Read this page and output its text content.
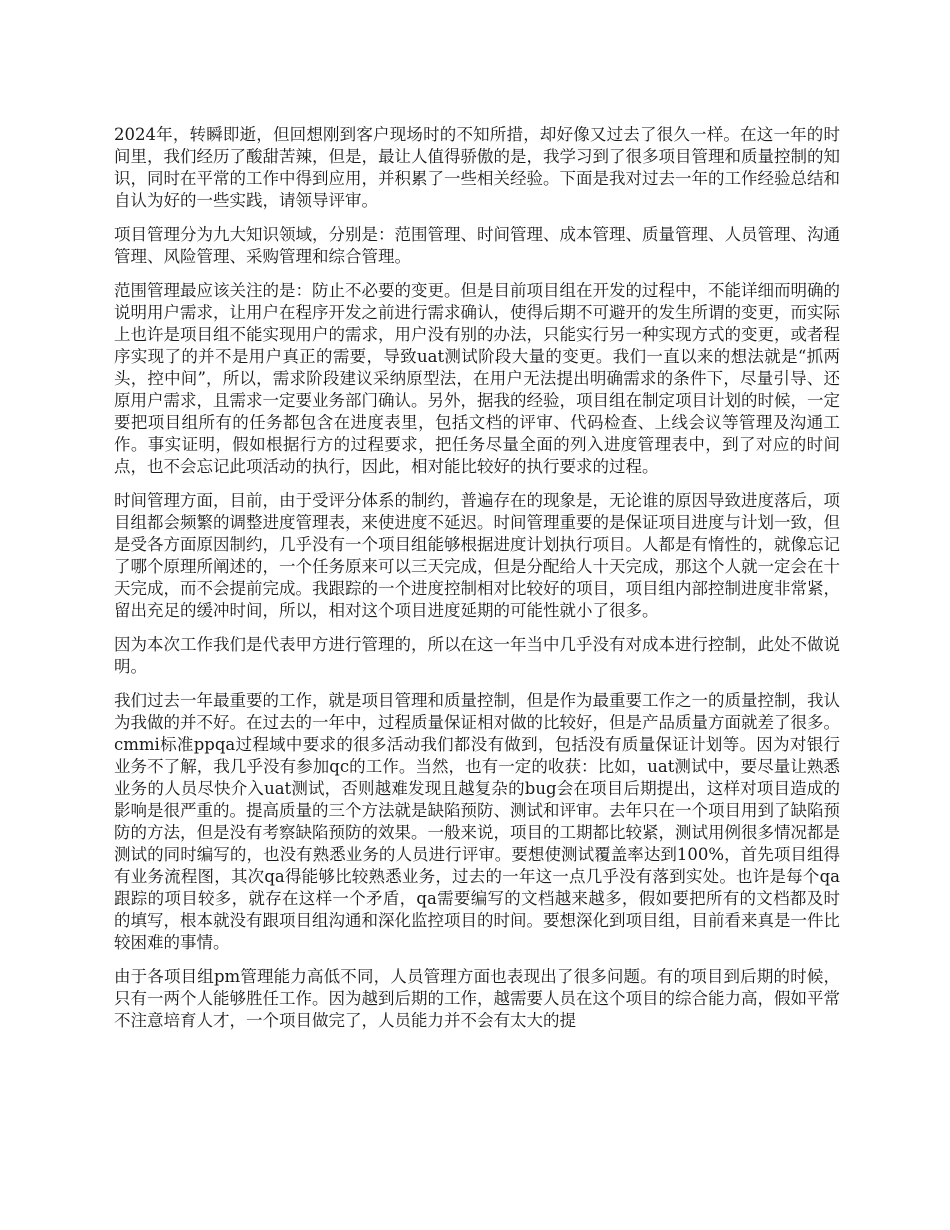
2024年，转瞬即逝，但回想刚到客户现场时的不知所措，却好像又过去了很久一样。在这一年的时间里，我们经历了酸甜苦辣，但是，最让人值得骄傲的是，我学习到了很多项目管理和质量控制的知识，同时在平常的工作中得到应用，并积累了一些相关经验。下面是我对过去一年的工作经验总结和自认为好的一些实践，请领导评审。

项目管理分为九大知识领域，分别是：范围管理、时间管理、成本管理、质量管理、人员管理、沟通管理、风险管理、采购管理和综合管理。

范围管理最应该关注的是：防止不必要的变更。但是目前项目组在开发的过程中，不能详细而明确的说明用户需求，让用户在程序开发之前进行需求确认，使得后期不可避开的发生所谓的变更，而实际上也许是项目组不能实现用户的需求，用户没有别的办法，只能实行另一种实现方式的变更，或者程序实现了的并不是用户真正的需要，导致uat测试阶段大量的变更。我们一直以来的想法就是“抓两头，控中间”，所以，需求阶段建议采纳原型法，在用户无法提出明确需求的条件下，尽量引导、还原用户需求，且需求一定要业务部门确认。另外，据我的经验，项目组在制定项目计划的时候，一定要把项目组所有的任务都包含在进度表里，包括文档的评审、代码检查、上线会议等管理及沟通工作。事实证明，假如根据行方的过程要求，把任务尽量全面的列入进度管理表中，到了对应的时间点，也不会忘记此项活动的执行，因此，相对能比较好的执行要求的过程。

时间管理方面，目前，由于受评分体系的制约，普遍存在的现象是，无论谁的原因导致进度落后，项目组都会频繁的调整进度管理表，来使进度不延迟。时间管理重要的是保证项目进度与计划一致，但是受各方面原因制约，几乎没有一个项目组能够根据进度计划执行项目。人都是有惰性的，就像忘记了哪个原理所阐述的，一个任务原来可以三天完成，但是分配给人十天完成，那这个人就一定会在十天完成，而不会提前完成。我跟踪的一个进度控制相对比较好的项目，项目组内部控制进度非常紧，留出充足的缓冲时间，所以，相对这个项目进度延期的可能性就小了很多。

因为本次工作我们是代表甲方进行管理的，所以在这一年当中几乎没有对成本进行控制，此处不做说明。

我们过去一年最重要的工作，就是项目管理和质量控制，但是作为最重要工作之一的质量控制，我认为我做的并不好。在过去的一年中，过程质量保证相对做的比较好，但是产品质量方面就差了很多。cmmi标准ppqa过程域中要求的很多活动我们都没有做到，包括没有质量保证计划等。因为对银行业务不了解，我几乎没有参加qc的工作。当然，也有一定的收获：比如，uat测试中，要尽量让熟悉业务的人员尽快介入uat测试，否则越难发现且越复杂的bug会在项目后期提出，这样对项目造成的影响是很严重的。提高质量的三个方法就是缺陷预防、测试和评审。去年只在一个项目用到了缺陷预防的方法，但是没有考察缺陷预防的效果。一般来说，项目的工期都比较紧，测试用例很多情况都是测试的同时编写的，也没有熟悉业务的人员进行评审。要想使测试覆盖率达到100%，首先项目组得有业务流程图，其次qa得能够比较熟悉业务，过去的一年这一点几乎没有落到实处。也许是每个qa跟踪的项目较多，就存在这样一个矛盾，qa需要编写的文档越来越多，假如要把所有的文档都及时的填写，根本就没有跟项目组沟通和深化监控项目的时间。要想深化到项目组，目前看来真是一件比较困难的事情。

由于各项目组pm管理能力高低不同，人员管理方面也表现出了很多问题。有的项目到后期的时候，只有一两个人能够胜任工作。因为越到后期的工作，越需要人员在这个项目的综合能力高，假如平常不注意培育人才，一个项目做完了，人员能力并不会有太大的提
